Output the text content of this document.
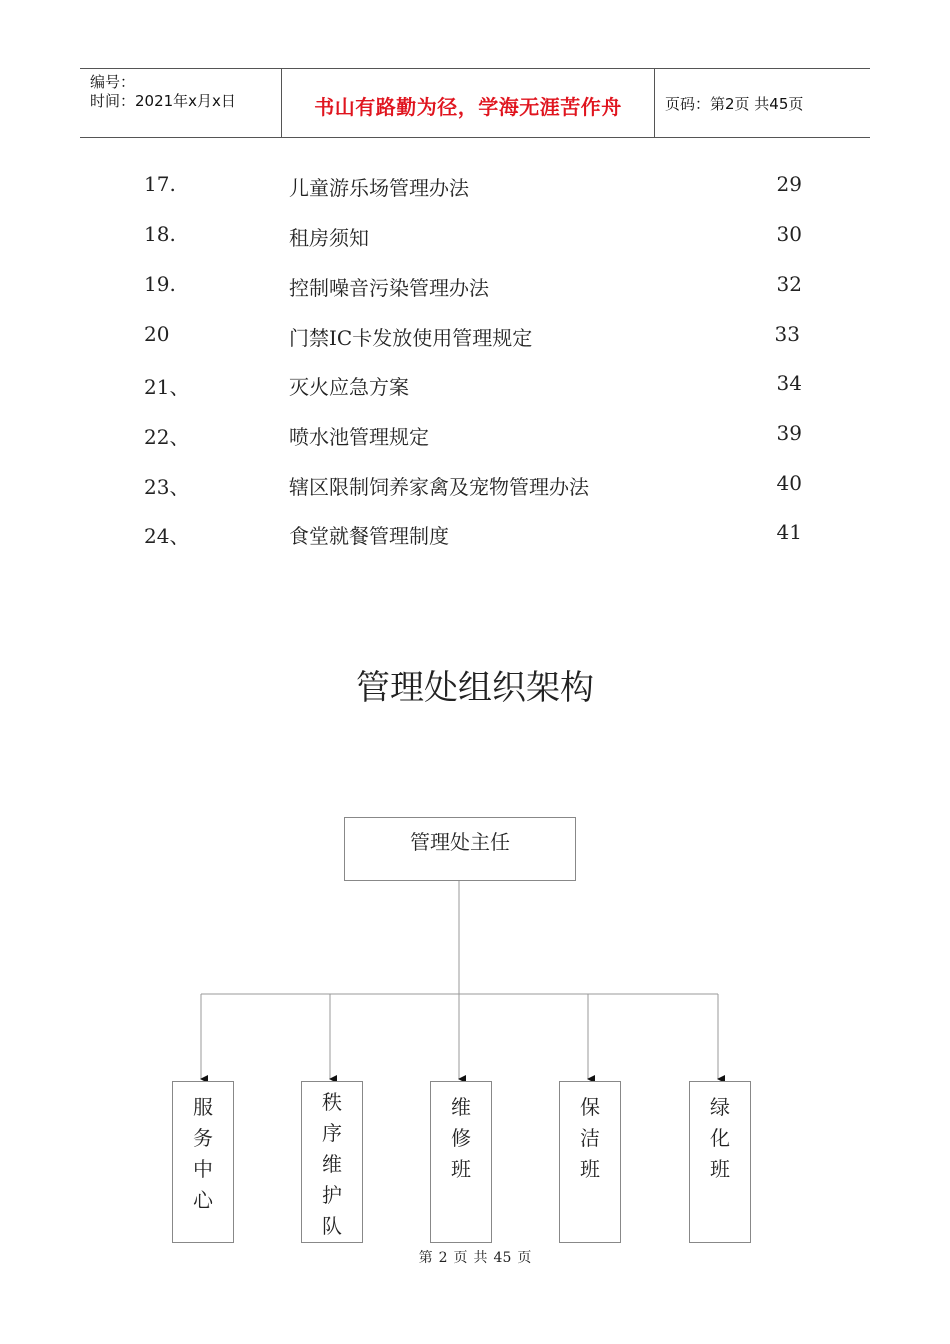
编号：
时间：2021年x月x日	书山有路勤为径，学海无涯苦作舟	页码：第2页 共45页
17.	儿童游乐场管理办法	29
18.	租房须知	30
19.	控制噪音污染管理办法	32
20	门禁IC卡发放使用管理规定	33
21、	灭火应急方案	34
22、	喷水池管理规定	39
23、	辖区限制饲养家禽及宠物管理办法	40
24、	食堂就餐管理制度	41
管理处组织架构
管理处主任
服
务
中
心
秩
序
维
护
队
维
修
班
保
洁
班
绿
化
班
第 2 页 共 45 页
